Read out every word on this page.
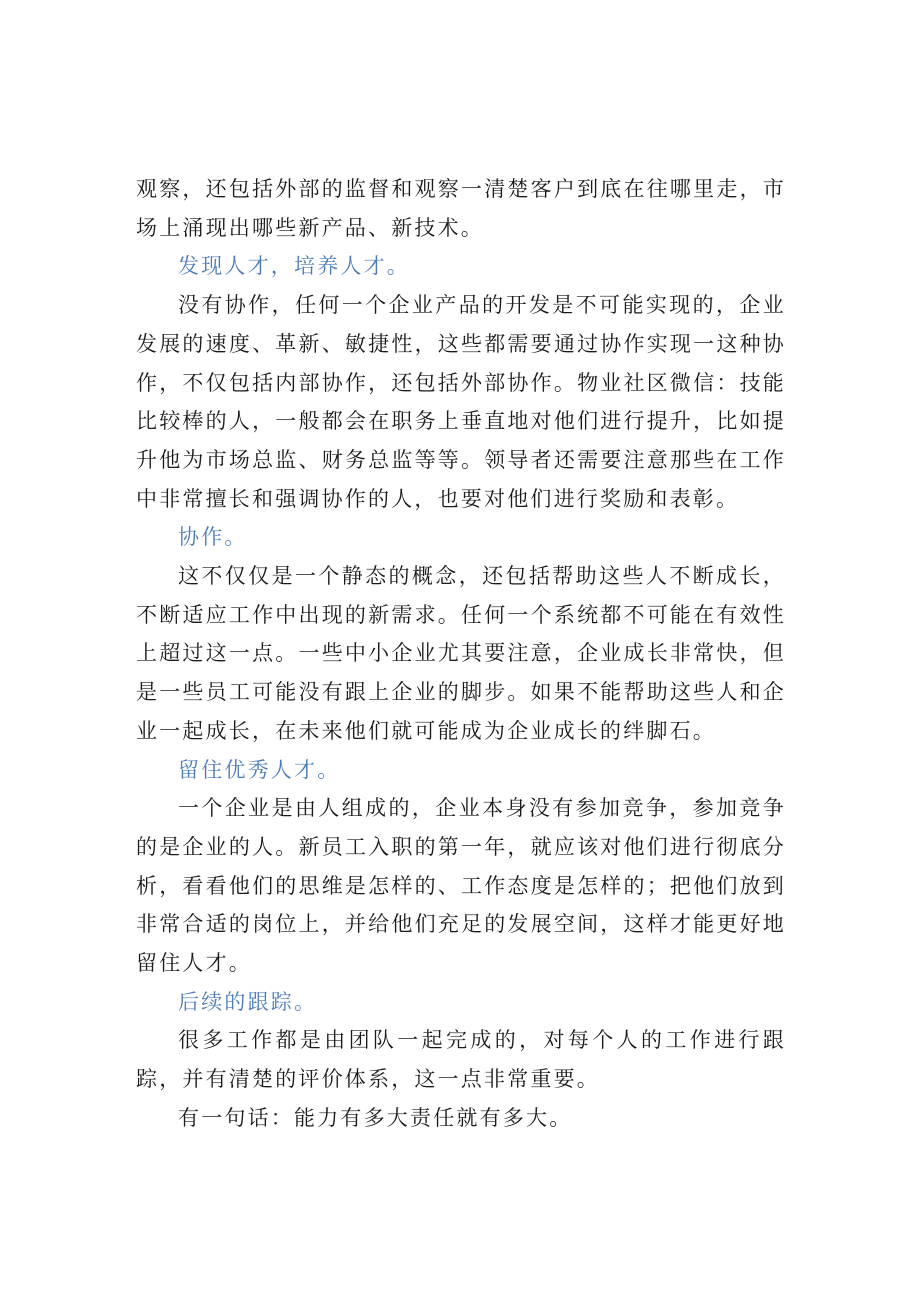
观察，还包括外部的监督和观察一清楚客户到底在往哪里走，市场上涌现出哪些新产品、新技术。

发现人才，培养人才。

没有协作，任何一个企业产品的开发是不可能实现的，企业发展的速度、革新、敏捷性，这些都需要通过协作实现一这种协作，不仅包括内部协作，还包括外部协作。物业社区微信：技能比较棒的人，一般都会在职务上垂直地对他们进行提升，比如提升他为市场总监、财务总监等等。领导者还需要注意那些在工作中非常擅长和强调协作的人，也要对他们进行奖励和表彰。

协作。

这不仅仅是一个静态的概念，还包括帮助这些人不断成长，不断适应工作中出现的新需求。任何一个系统都不可能在有效性上超过这一点。一些中小企业尤其要注意，企业成长非常快，但是一些员工可能没有跟上企业的脚步。如果不能帮助这些人和企业一起成长，在未来他们就可能成为企业成长的绊脚石。

留住优秀人才。

一个企业是由人组成的，企业本身没有参加竞争，参加竞争的是企业的人。新员工入职的第一年，就应该对他们进行彻底分析，看看他们的思维是怎样的、工作态度是怎样的；把他们放到非常合适的岗位上，并给他们充足的发展空间，这样才能更好地留住人才。

后续的跟踪。

很多工作都是由团队一起完成的，对每个人的工作进行跟踪，并有清楚的评价体系，这一点非常重要。

有一句话：能力有多大责任就有多大。
